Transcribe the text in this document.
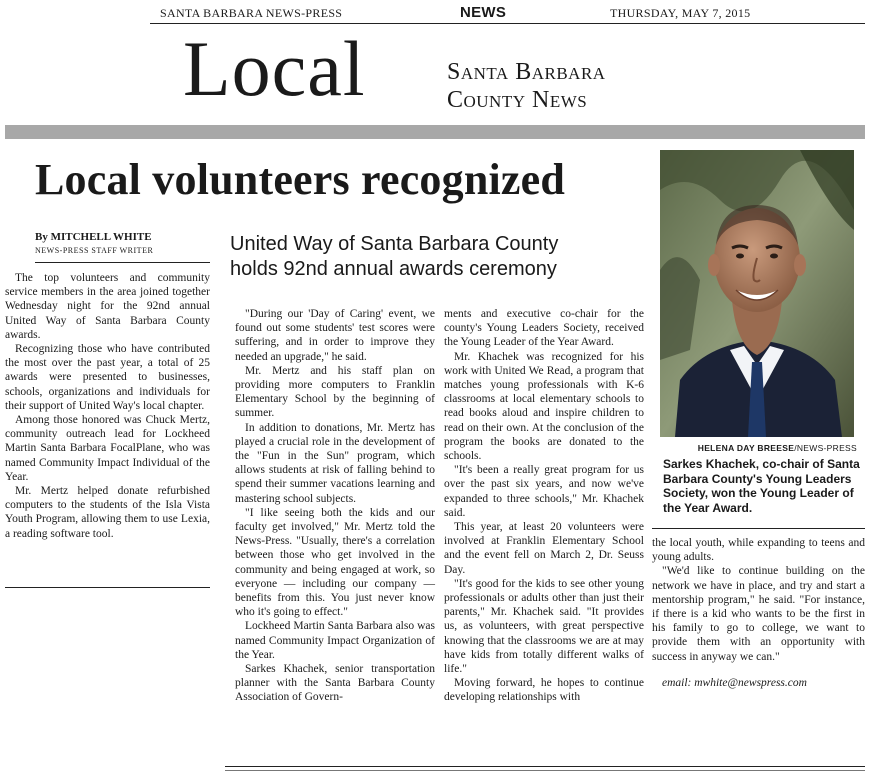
SANTA BARBARA NEWS-PRESS	NEWS	THURSDAY, MAY 7, 2015
Local	Santa Barbara
County News
Local volunteers recognized
By MITCHELL WHITE
NEWS-PRESS STAFF WRITER	United Way of Santa Barbara County
holds 92nd annual awards ceremony

The top volunteers and community service members in the area joined together Wednesday night for the 92nd annual United Way of Santa Barbara County awards.

Recognizing those who have contributed the most over the past year, a total of 25 awards were presented to businesses, schools, organizations and individuals for their support of United Way's local chapter.

Among those honored was Chuck Mertz, community outreach lead for Lockheed Martin Santa Barbara FocalPlane, who was named Community Impact Individual of the Year.

Mr. Mertz helped donate refurbished computers to the students of the Isla Vista Youth Program, allowing them to use Lexia, a reading software tool.

"During our 'Day of Caring' event, we found out some students' test scores were suffering, and in order to improve they needed an upgrade," he said.

Mr. Mertz and his staff plan on providing more computers to Franklin Elementary School by the beginning of summer.

In addition to donations, Mr. Mertz has played a crucial role in the development of the "Fun in the Sun" program, which allows students at risk of falling behind to spend their summer vacations learning and mastering school subjects.

"I like seeing both the kids and our faculty get involved," Mr. Mertz told the News-Press. "Usually, there's a correlation between those who get involved in the community and being engaged at work, so everyone — including our company — benefits from this. You just never know who it's going to effect."

Lockheed Martin Santa Barbara also was named Community Impact Organization of the Year.

Sarkes Khachek, senior transportation planner with the Santa Barbara County Association of Govern-

ments and executive co-chair for the county's Young Leaders Society, received the Young Leader of the Year Award.

Mr. Khachek was recognized for his work with United We Read, a program that matches young professionals with K-6 classrooms at local elementary schools to read books aloud and inspire children to read on their own. At the conclusion of the program the books are donated to the schools.

"It's been a really great program for us over the past six years, and now we've expanded to three schools," Mr. Khachek said.

This year, at least 20 volunteers were involved at Franklin Elementary School and the event fell on March 2, Dr. Seuss Day.

"It's good for the kids to see other young professionals or adults other than just their parents," Mr. Khachek said. "It provides us, as volunteers, with great perspective knowing that the classrooms we are at may have kids from totally different walks of life."

Moving forward, he hopes to continue developing relationships with

HELENA DAY BREESE/NEWS-PRESS
Sarkes Khachek, co-chair of Santa Barbara County's Young Leaders Society, won the Young Leader of the Year Award.

the local youth, while expanding to teens and young adults.

"We'd like to continue building on the network we have in place, and try and start a mentorship program," he said. "For instance, if there is a kid who wants to be the first in his family to go to college, we want to provide them with an opportunity with success in anyway we can."

email: mwhite@newspress.com
